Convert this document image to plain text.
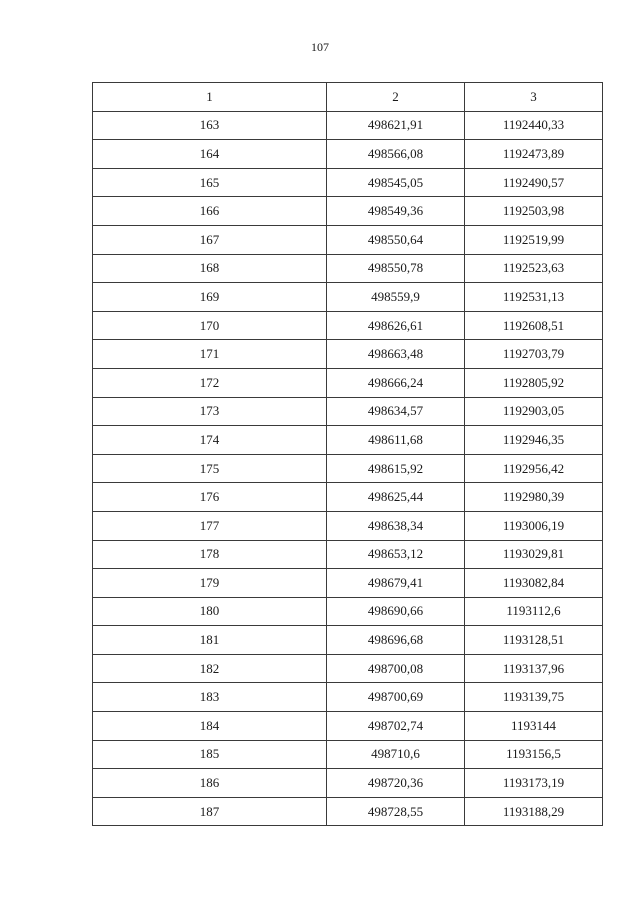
107
1	2	3
163	498621,91	1192440,33
164	498566,08	1192473,89
165	498545,05	1192490,57
166	498549,36	1192503,98
167	498550,64	1192519,99
168	498550,78	1192523,63
169	498559,9	1192531,13
170	498626,61	1192608,51
171	498663,48	1192703,79
172	498666,24	1192805,92
173	498634,57	1192903,05
174	498611,68	1192946,35
175	498615,92	1192956,42
176	498625,44	1192980,39
177	498638,34	1193006,19
178	498653,12	1193029,81
179	498679,41	1193082,84
180	498690,66	1193112,6
181	498696,68	1193128,51
182	498700,08	1193137,96
183	498700,69	1193139,75
184	498702,74	1193144
185	498710,6	1193156,5
186	498720,36	1193173,19
187	498728,55	1193188,29
